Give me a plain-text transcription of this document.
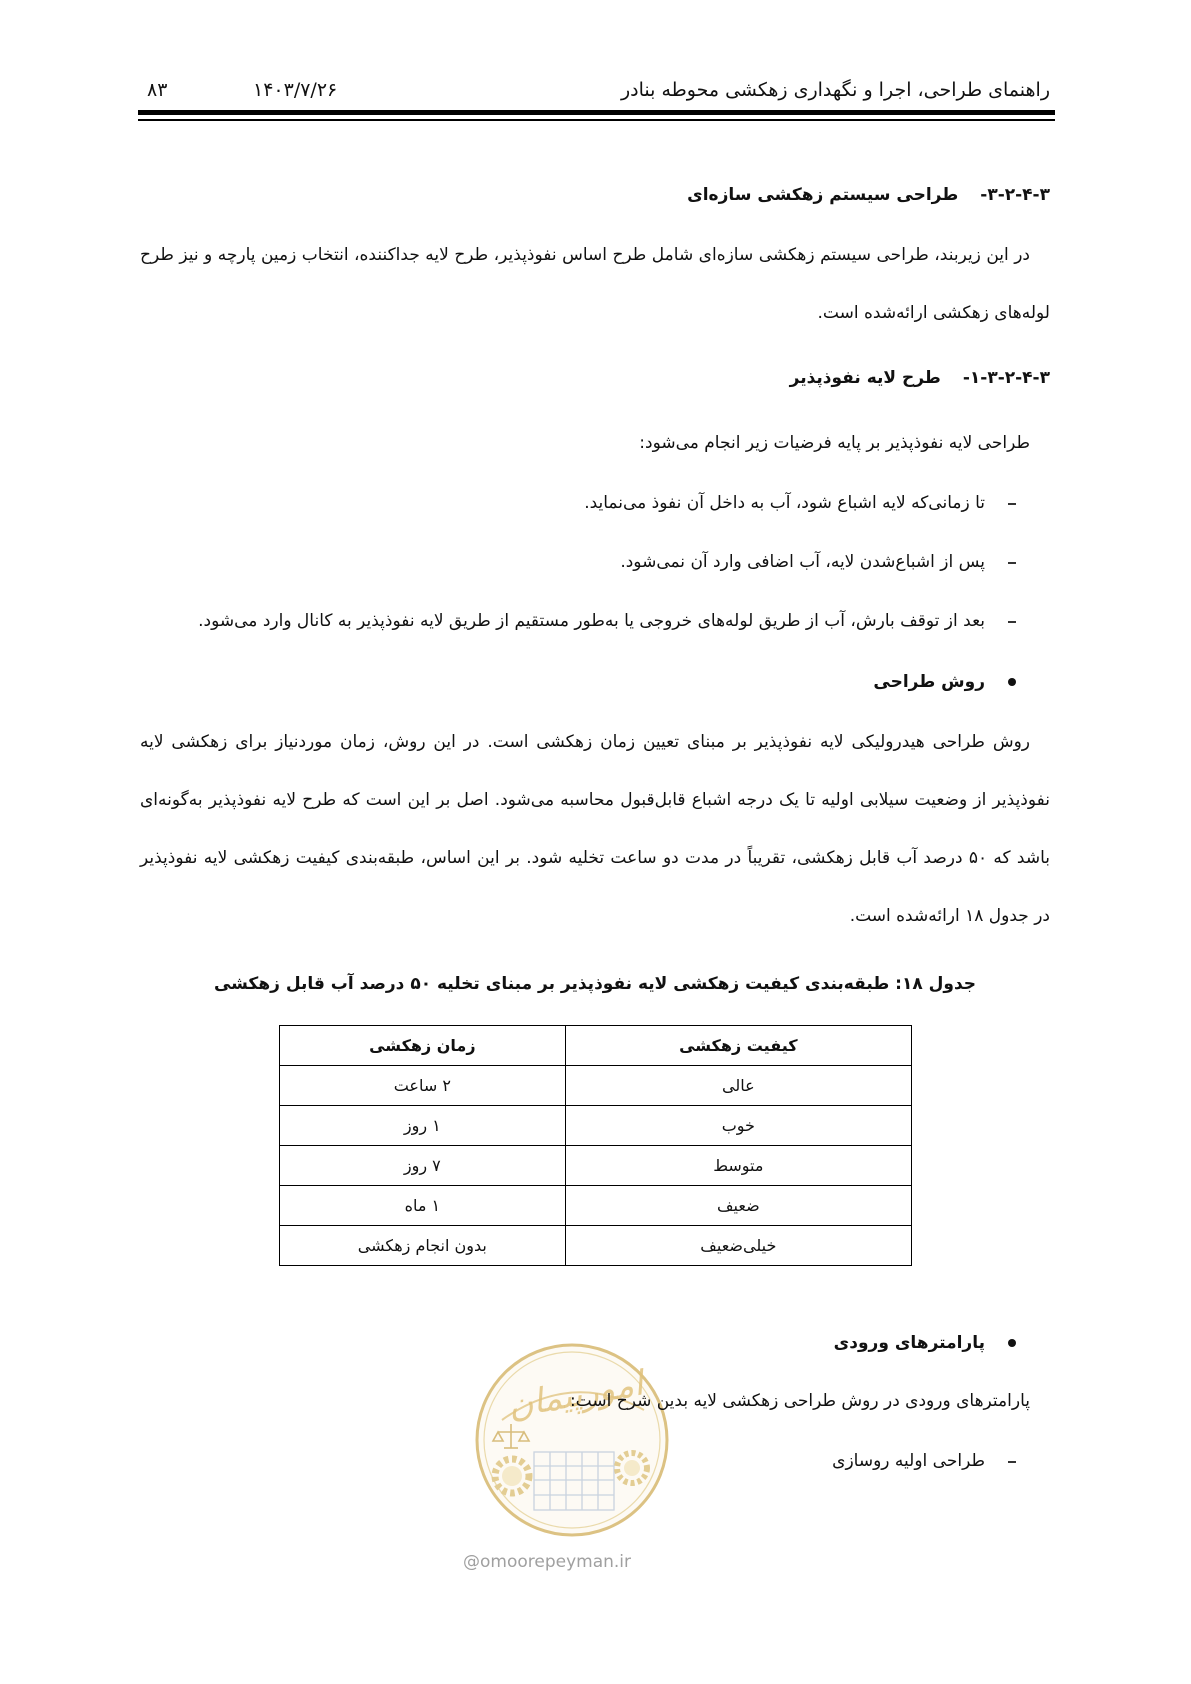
راهنمای طراحی، اجرا و نگهداری زهکشی محوطه بنادر
۱۴۰۳/۷/۲۶
۸۳
امورپیمان
@omoorepeyman.ir
۳-۴-۲-۳-طراحی سیستم زهکشی سازه‌ای
در این زیربند، طراحی سیستم زهکشی سازه‌ای شامل طرح اساس نفوذپذیر، طرح لایه جداکننده، انتخاب زمین پارچه و نیز طرح لوله‌های زهکشی ارائه‌شده است.
۳-۴-۲-۳-۱-طرح لایه نفوذپذیر
طراحی لایه نفوذپذیر بر پایه فرضیات زیر انجام می‌شود:
تا زمانی‌که لایه اشباع شود، آب به داخل آن نفوذ می‌نماید.
پس از اشباع‌شدن لایه، آب اضافی وارد آن نمی‌شود.
بعد از توقف بارش، آب از طریق لوله‌های خروجی یا به‌طور مستقیم از طریق لایه نفوذپذیر به کانال وارد می‌شود.
روش طراحی
روش طراحی هیدرولیکی لایه نفوذپذیر بر مبنای تعیین زمان زهکشی است. در این روش، زمان موردنیاز برای زهکشی لایه نفوذپذیر از وضعیت سیلابی اولیه تا یک درجه اشباع قابل‌قبول محاسبه می‌شود. اصل بر این است که طرح لایه نفوذپذیر به‌گونه‌ای باشد که ۵۰ درصد آب قابل زهکشی، تقریباً در مدت دو ساعت تخلیه شود. بر این اساس، طبقه‌بندی کیفیت زهکشی لایه نفوذپذیر در جدول ۱۸ ارائه‌شده است.
جدول ۱۸: طبقه‌بندی کیفیت زهکشی لایه نفوذپذیر بر مبنای تخلیه ۵۰ درصد آب قابل زهکشی
کیفیت زهکشی	زمان زهکشی
عالی	۲ ساعت
خوب	۱ روز
متوسط	۷ روز
ضعیف	۱ ماه
خیلی‌ضعیف	بدون انجام زهکشی
پارامترهای ورودی
پارامترهای ورودی در روش طراحی زهکشی لایه بدین شرح است:
طراحی اولیه روسازی
